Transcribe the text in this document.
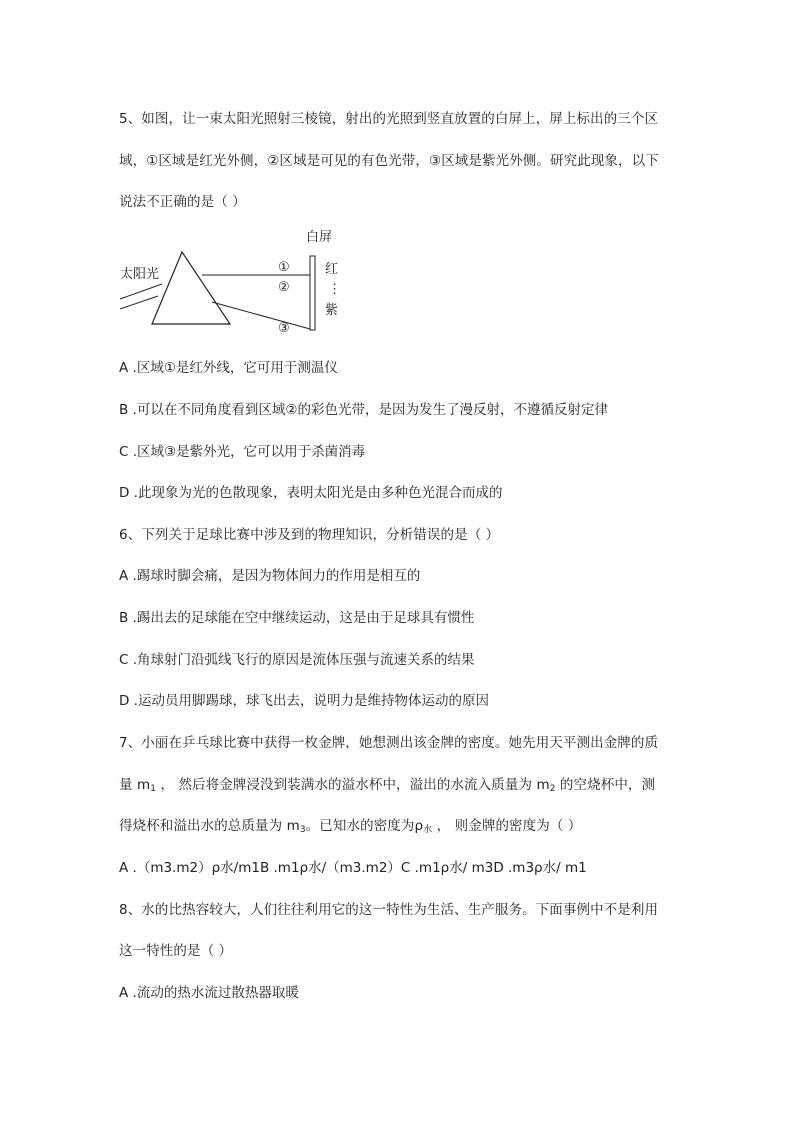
5、如图，让一束太阳光照射三棱镜，射出的光照到竖直放置的白屏上，屏上标出的三个区
域，①区域是红光外侧，②区域是可见的有色光带，③区域是紫光外侧。研究此现象，以下
说法不正确的是（ ）
白屏
太阳光	①
②
③
红
⋮
紫
A .区域①是红外线，它可用于测温仪
B .可以在不同角度看到区域②的彩色光带，是因为发生了漫反射，不遵循反射定律
C .区域③是紫外光，它可以用于杀菌消毒
D .此现象为光的色散现象，表明太阳光是由多种色光混合而成的
6、下列关于足球比赛中涉及到的物理知识，分析错误的是（ ）
A .踢球时脚会痛，是因为物体间力的作用是相互的
B .踢出去的足球能在空中继续运动，这是由于足球具有惯性
C .角球射门沿弧线飞行的原因是流体压强与流速关系的结果
D .运动员用脚踢球，球飞出去，说明力是维持物体运动的原因
7、小丽在乒乓球比赛中获得一枚金牌，她想测出该金牌的密度。她先用天平测出金牌的质
量 $m_1$ ， 然后将金牌浸没到装满水的溢水杯中，溢出的水流入质量为 $m_2$ 的空烧杯中，测
得烧杯和溢出水的总质量为 $m_3$。已知水的密度为$\rho_水$ ， 则金牌的密度为（ ）
A .（m3.m2）ρ水/m1B .m1ρ水/（m3.m2）C .m1ρ水/ m3D .m3ρ水/ m1
8、水的比热容较大，人们往往利用它的这一特性为生活、生产服务。下面事例中不是利用
这一特性的是（ ）
A .流动的热水流过散热器取暖
